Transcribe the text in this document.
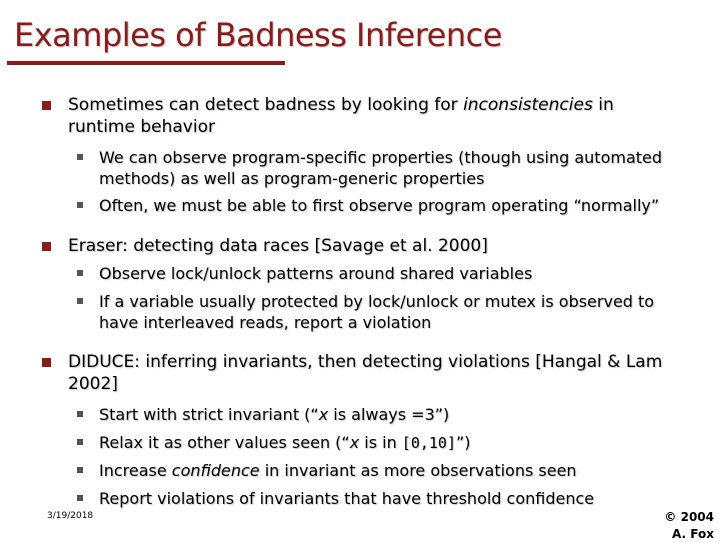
Examples of Badness Inference
Sometimes can detect badness by looking for inconsistencies in runtime behavior
We can observe program-specific properties (though using automated methods) as well as program-generic properties
Often, we must be able to first observe program operating “normally”
Eraser: detecting data races [Savage et al. 2000]
Observe lock/unlock patterns around shared variables
If a variable usually protected by lock/unlock or mutex is observed to have interleaved reads, report a violation
DIDUCE: inferring invariants, then detecting violations [Hangal & Lam 2002]
Start with strict invariant (“x is always =3”)
Relax it as other values seen (“x is in [0,10]”)
Increase confidence in invariant as more observations seen
Report violations of invariants that have threshold confidence
3/19/2018	© 2004
A. Fox
